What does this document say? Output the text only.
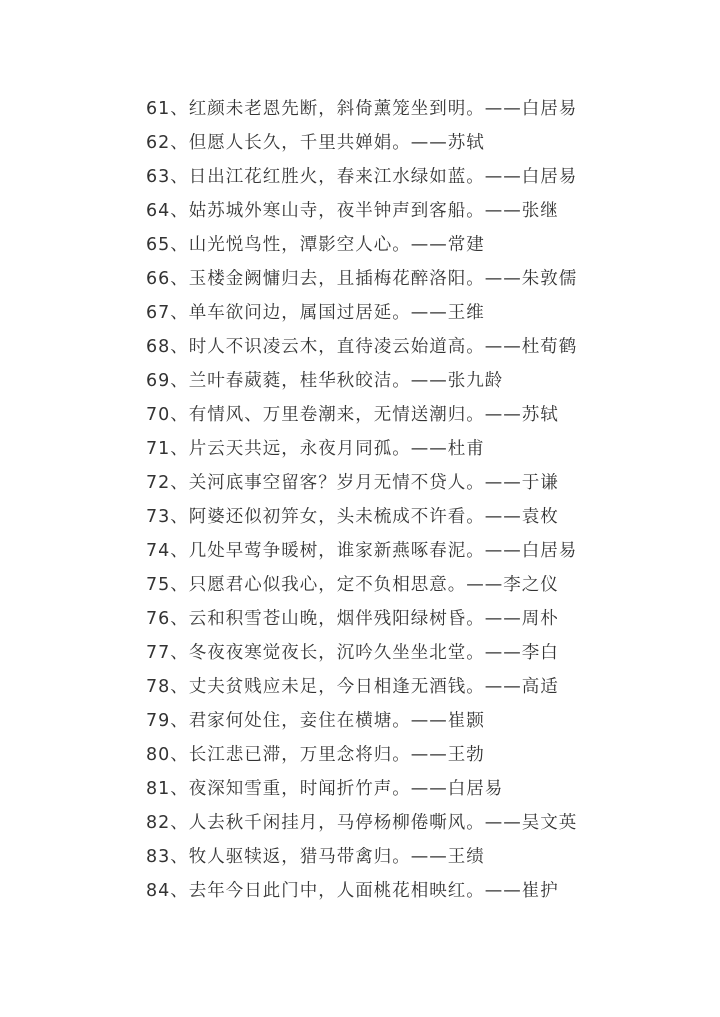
61、红颜未老恩先断，斜倚薰笼坐到明。——白居易
62、但愿人长久，千里共婵娟。——苏轼
63、日出江花红胜火，春来江水绿如蓝。——白居易
64、姑苏城外寒山寺，夜半钟声到客船。——张继
65、山光悦鸟性，潭影空人心。——常建
66、玉楼金阙慵归去，且插梅花醉洛阳。——朱敦儒
67、单车欲问边，属国过居延。——王维
68、时人不识凌云木，直待凌云始道高。——杜荀鹤
69、兰叶春葳蕤，桂华秋皎洁。——张九龄
70、有情风、万里卷潮来，无情送潮归。——苏轼
71、片云天共远，永夜月同孤。——杜甫
72、关河底事空留客？岁月无情不贷人。——于谦
73、阿婆还似初笄女，头未梳成不许看。——袁枚
74、几处早莺争暖树，谁家新燕啄春泥。——白居易
75、只愿君心似我心，定不负相思意。——李之仪
76、云和积雪苍山晚，烟伴残阳绿树昏。——周朴
77、冬夜夜寒觉夜长，沉吟久坐坐北堂。——李白
78、丈夫贫贱应未足，今日相逢无酒钱。——高适
79、君家何处住，妾住在横塘。——崔颢
80、长江悲已滞，万里念将归。——王勃
81、夜深知雪重，时闻折竹声。——白居易
82、人去秋千闲挂月，马停杨柳倦嘶风。——吴文英
83、牧人驱犊返，猎马带禽归。——王绩
84、去年今日此门中，人面桃花相映红。——崔护
